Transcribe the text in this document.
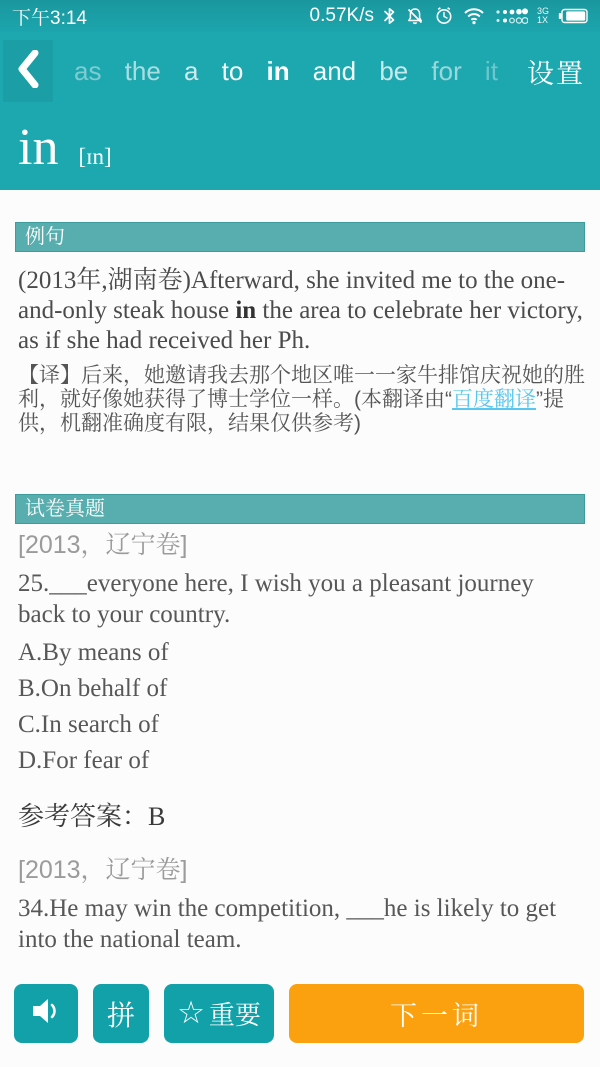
下午3:14	0.57K/s	3G
1X
as the a to in and be for it 设置
in [ɪn]
例句
(2013年,湖南卷)Afterward, she invited me to the one-and-only steak house in the area to celebrate her victory, as if she had received her Ph.
【译】后来，她邀请我去那个地区唯一一家牛排馆庆祝她的胜利，就好像她获得了博士学位一样。(本翻译由“百度翻译”提供，机翻准确度有限，结果仅供参考)
试卷真题
[2013，辽宁卷]
25.___everyone here, I wish you a pleasant journey back to your country.
A.By means of
B.On behalf of
C.In search of
D.For fear of
参考答案：B
[2013，辽宁卷]
34.He may win the competition, ___he is likely to get into the national team.
拼	☆ 重要	下一词
